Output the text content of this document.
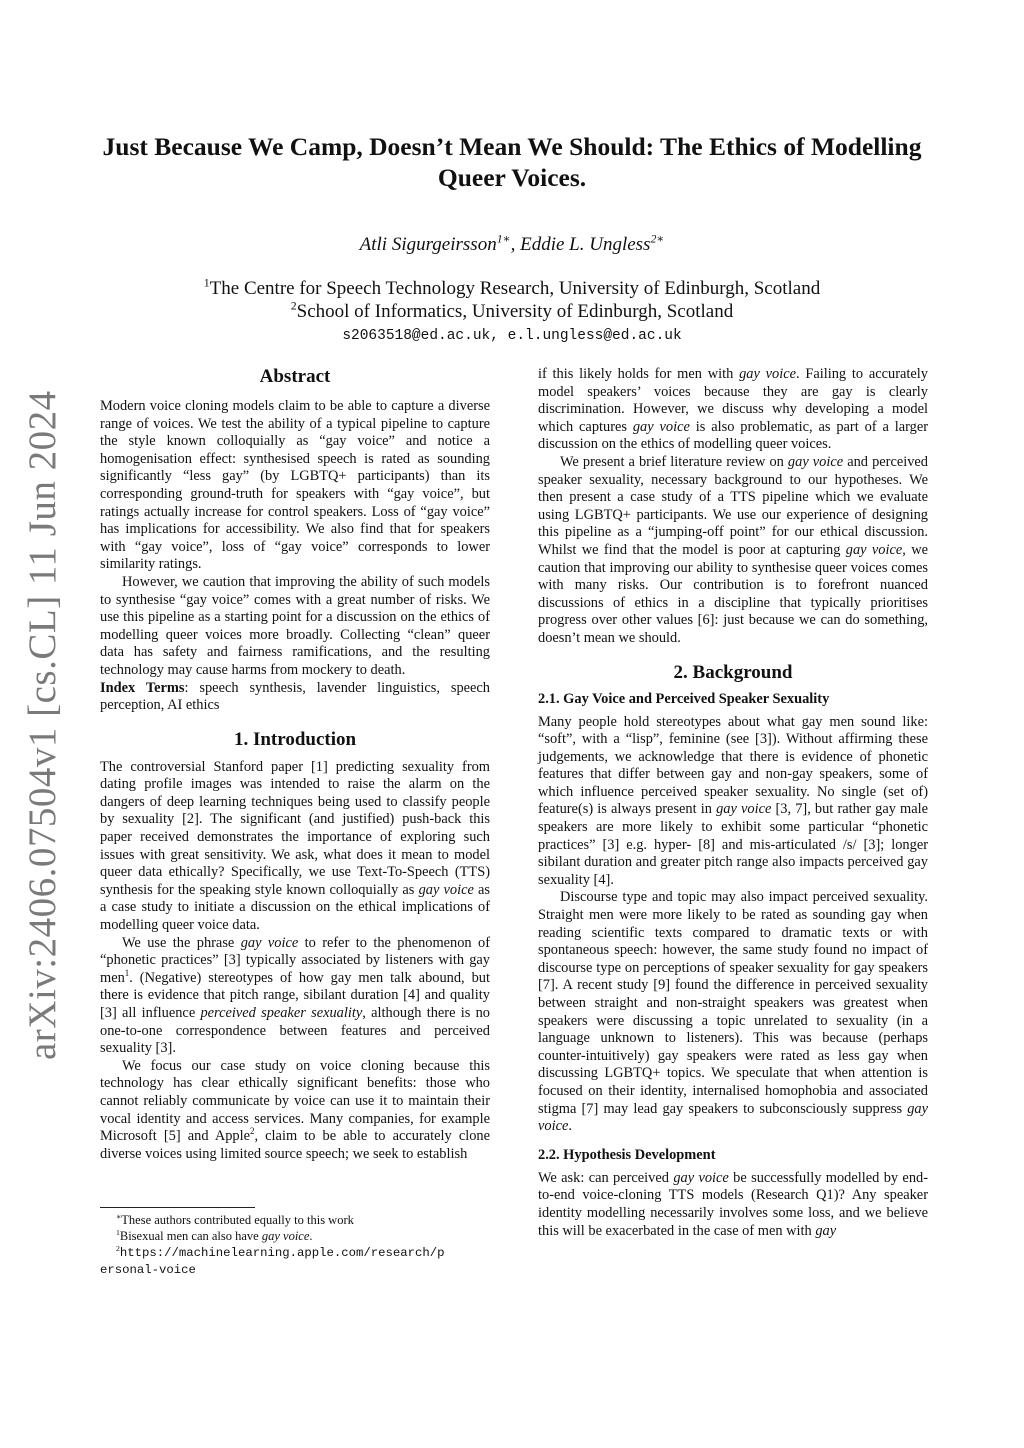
arXiv:2406.07504v1 [cs.CL] 11 Jun 2024
Just Because We Camp, Doesn’t Mean We Should: The Ethics of Modelling
Queer Voices.
Atli Sigurgeirsson$^{1∗}$, Eddie L. Ungless$^{2∗}$
$^1$The Centre for Speech Technology Research, University of Edinburgh, Scotland
$^2$School of Informatics, University of Edinburgh, Scotland
s2063518@ed.ac.uk, e.l.ungless@ed.ac.uk
Abstract

Modern voice cloning models claim to be able to capture a diverse range of voices. We test the ability of a typical pipeline to capture the style known colloquially as “gay voice” and notice a homogenisation effect: synthesised speech is rated as sounding significantly “less gay” (by LGBTQ+ participants) than its corresponding ground-truth for speakers with “gay voice”, but ratings actually increase for control speakers. Loss of “gay voice” has implications for accessibility. We also find that for speakers with “gay voice”, loss of “gay voice” corresponds to lower similarity ratings.

However, we caution that improving the ability of such models to synthesise “gay voice” comes with a great number of risks. We use this pipeline as a starting point for a discussion on the ethics of modelling queer voices more broadly. Collecting “clean” queer data has safety and fairness ramifications, and the resulting technology may cause harms from mockery to death.

Index Terms: speech synthesis, lavender linguistics, speech perception, AI ethics

1. Introduction

The controversial Stanford paper [1] predicting sexuality from dating profile images was intended to raise the alarm on the dangers of deep learning techniques being used to classify people by sexuality [2]. The significant (and justified) push-back this paper received demonstrates the importance of exploring such issues with great sensitivity. We ask, what does it mean to model queer data ethically? Specifically, we use Text-To-Speech (TTS) synthesis for the speaking style known colloquially as gay voice as a case study to initiate a discussion on the ethical implications of modelling queer voice data.

We use the phrase gay voice to refer to the phenomenon of “phonetic practices” [3] typically associated by listeners with gay men$^1$. (Negative) stereotypes of how gay men talk abound, but there is evidence that pitch range, sibilant duration [4] and quality [3] all influence perceived speaker sexuality, although there is no one-to-one correspondence between features and perceived sexuality [3].

We focus our case study on voice cloning because this technology has clear ethically significant benefits: those who cannot reliably communicate by voice can use it to maintain their vocal identity and access services. Many companies, for example Microsoft [5] and Apple$^2$, claim to be able to accurately clone diverse voices using limited source speech; we seek to establish

∗These authors contributed equally to this work
$^1$Bisexual men can also have gay voice.
$^2$https://machinelearning.apple.com/research/p
ersonal-voice

if this likely holds for men with gay voice. Failing to accurately model speakers’ voices because they are gay is clearly discrimination. However, we discuss why developing a model which captures gay voice is also problematic, as part of a larger discussion on the ethics of modelling queer voices.

We present a brief literature review on gay voice and perceived speaker sexuality, necessary background to our hypotheses. We then present a case study of a TTS pipeline which we evaluate using LGBTQ+ participants. We use our experience of designing this pipeline as a “jumping-off point” for our ethical discussion. Whilst we find that the model is poor at capturing gay voice, we caution that improving our ability to synthesise queer voices comes with many risks. Our contribution is to forefront nuanced discussions of ethics in a discipline that typically prioritises progress over other values [6]: just because we can do something, doesn’t mean we should.

2. Background
2.1. Gay Voice and Perceived Speaker Sexuality

Many people hold stereotypes about what gay men sound like: “soft”, with a “lisp”, feminine (see [3]). Without affirming these judgements, we acknowledge that there is evidence of phonetic features that differ between gay and non-gay speakers, some of which influence perceived speaker sexuality. No single (set of) feature(s) is always present in gay voice [3, 7], but rather gay male speakers are more likely to exhibit some particular “phonetic practices” [3] e.g. hyper- [8] and mis-articulated /s/ [3]; longer sibilant duration and greater pitch range also impacts perceived gay sexuality [4].

Discourse type and topic may also impact perceived sexuality. Straight men were more likely to be rated as sounding gay when reading scientific texts compared to dramatic texts or with spontaneous speech: however, the same study found no impact of discourse type on perceptions of speaker sexuality for gay speakers [7]. A recent study [9] found the difference in perceived sexuality between straight and non-straight speakers was greatest when speakers were discussing a topic unrelated to sexuality (in a language unknown to listeners). This was because (perhaps counter-intuitively) gay speakers were rated as less gay when discussing LGBTQ+ topics. We speculate that when attention is focused on their identity, internalised homophobia and associated stigma [7] may lead gay speakers to subconsciously suppress gay voice.

2.2. Hypothesis Development

We ask: can perceived gay voice be successfully modelled by end-to-end voice-cloning TTS models (Research Q1)? Any speaker identity modelling necessarily involves some loss, and we believe this will be exacerbated in the case of men with gay
